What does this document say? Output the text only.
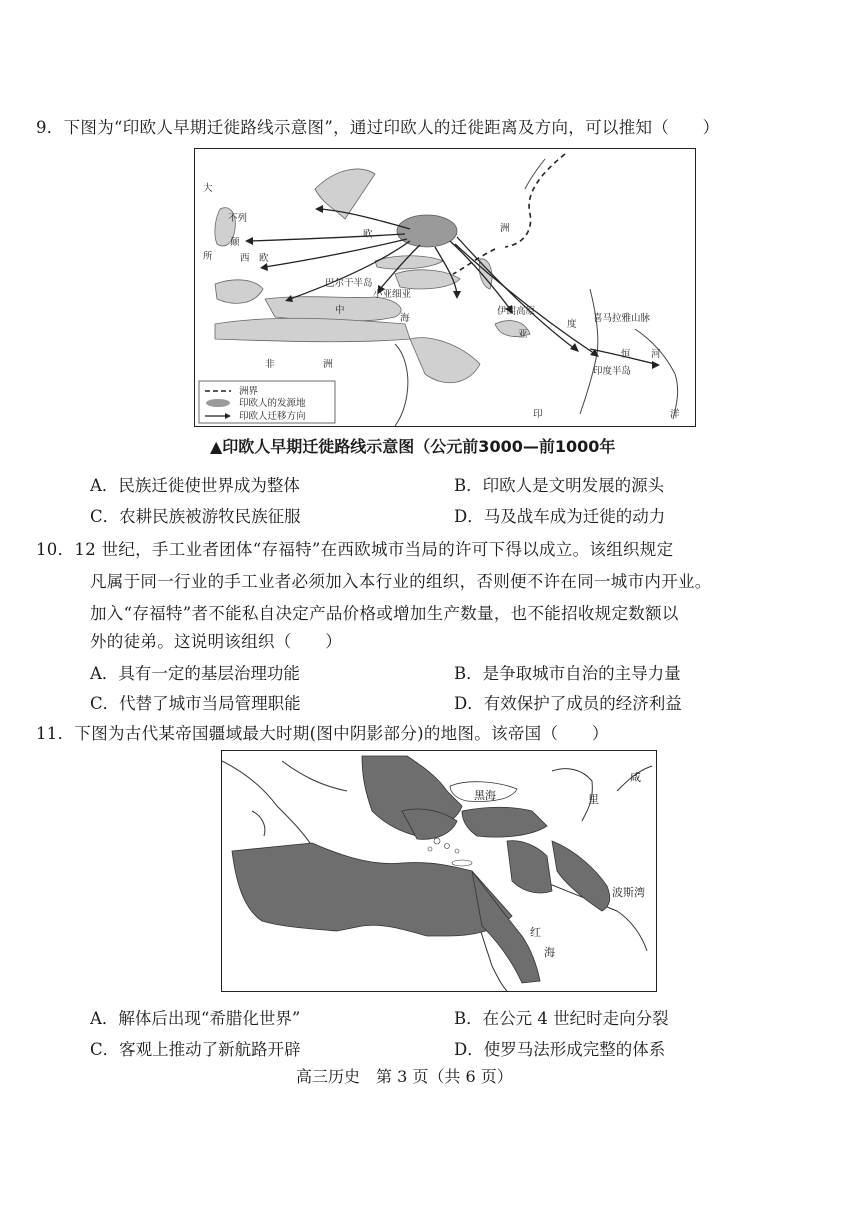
9．下图为“印欧人早期迁徙路线示意图”，通过印欧人的迁徙距离及方向，可以推知（　　）
大
不列
颠
所	西　欧
欧
洲
巴尔干半岛
小亚细亚
伊朗高原
亚
度
喜马拉雅山脉
恒 河
印度半岛
非	洲
中
海
印	洋
洲界
印欧人的发源地
印欧人迁移方向
▲印欧人早期迁徙路线示意图（公元前3000—前1000年
A．民族迁徙使世界成为整体	B．印欧人是文明发展的源头
C．农耕民族被游牧民族征服	D．马及战车成为迁徙的动力
10．12 世纪，手工业者团体“存福特”在西欧城市当局的许可下得以成立。该组织规定
凡属于同一行业的手工业者必须加入本行业的组织，否则便不许在同一城市内开业。
加入“存福特”者不能私自决定产品价格或增加生产数量，也不能招收规定数额以
外的徒弟。这说明该组织（　　）
A．具有一定的基层治理功能	B．是争取城市自治的主导力量
C．代替了城市当局管理职能	D．有效保护了成员的经济利益
11．下图为古代某帝国疆域最大时期(图中阴影部分)的地图。该帝国（　　）
黑海	里
咸
红
海
波斯湾
A．解体后出现“希腊化世界”	B．在公元 4 世纪时走向分裂
C．客观上推动了新航路开辟	D．使罗马法形成完整的体系
高三历史　第 3 页（共 6 页）
